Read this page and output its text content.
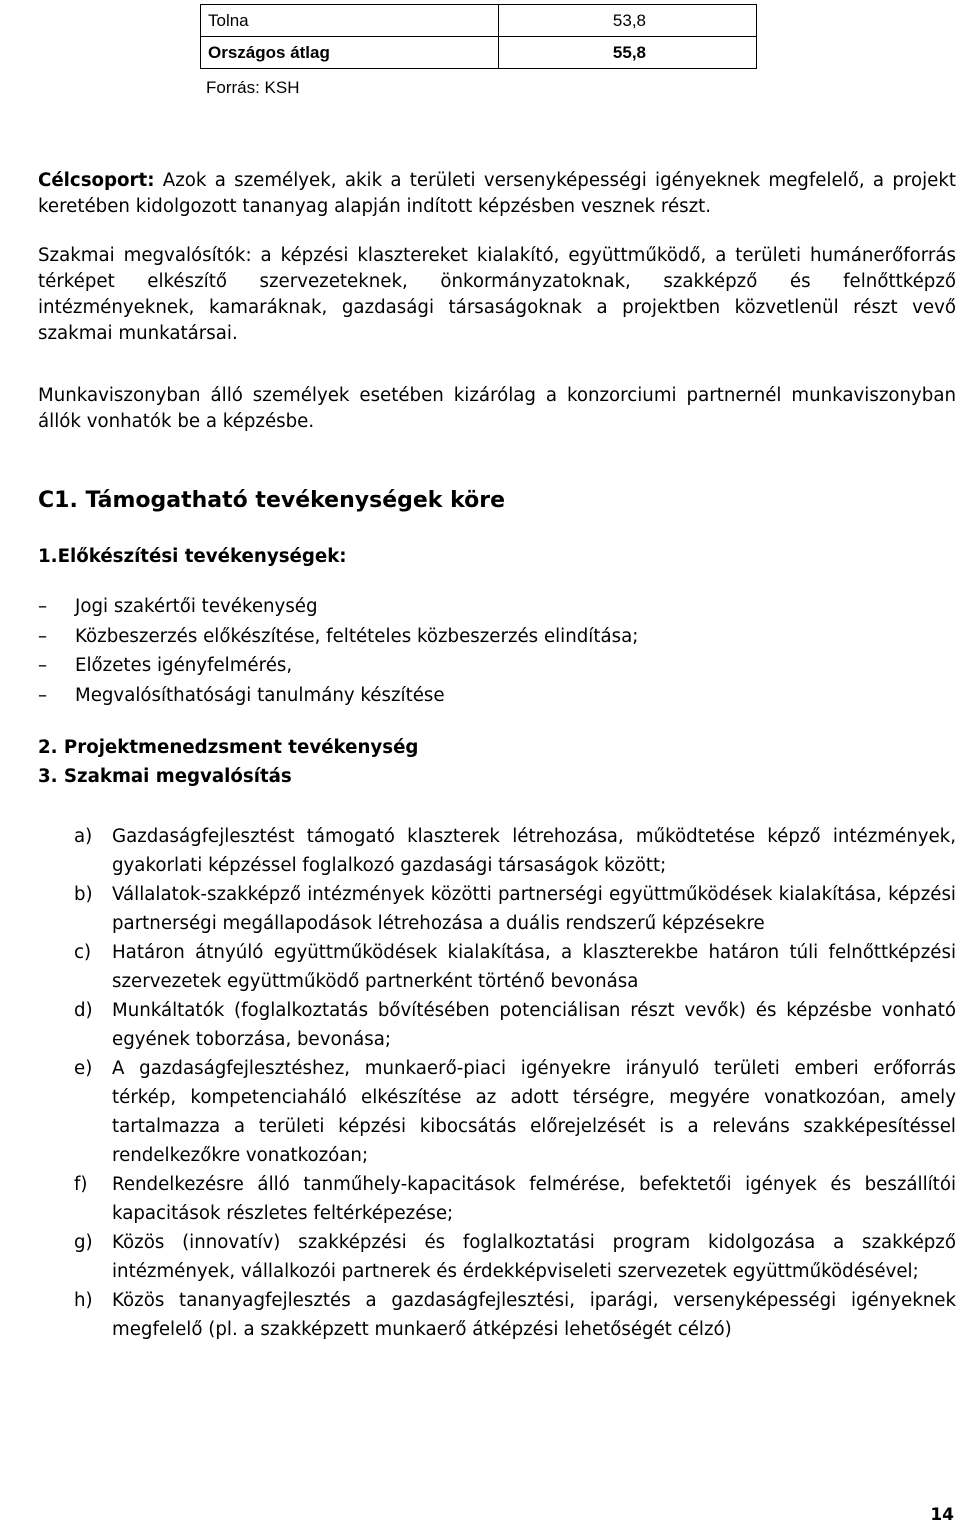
Tolna	53,8
Országos átlag	55,8
Forrás: KSH

Célcsoport: Azok a személyek, akik a területi versenyképességi igényeknek megfelelő, a projekt keretében kidolgozott tananyag alapján indított képzésben vesznek részt.

Szakmai megvalósítók: a képzési klasztereket kialakító, együttműködő, a területi humánerőforrás térképet elkészítő szervezeteknek, önkormányzatoknak, szakképző és felnőttképző intézményeknek, kamaráknak, gazdasági társaságoknak a projektben közvetlenül részt vevő szakmai munkatársai.

Munkaviszonyban álló személyek esetében kizárólag a konzorciumi partnernél munkaviszonyban állók vonhatók be a képzésbe.

C1. Támogatható tevékenységek köre
1.Előkészítési tevékenységek:
– Jogi szakértői tevékenység
– Közbeszerzés előkészítése, feltételes közbeszerzés elindítása;
– Előzetes igényfelmérés,
– Megvalósíthatósági tanulmány készítése
2. Projektmenedzsment tevékenység
3. Szakmai megvalósítás
a) Gazdaságfejlesztést támogató klaszterek létrehozása, működtetése képző intézmények, gyakorlati képzéssel foglalkozó gazdasági társaságok között;
b) Vállalatok-szakképző intézmények közötti partnerségi együttműködések kialakítása, képzési partnerségi megállapodások létrehozása a duális rendszerű képzésekre
c) Határon átnyúló együttműködések kialakítása, a klaszterekbe határon túli felnőttképzési szervezetek együttműködő partnerként történő bevonása
d) Munkáltatók (foglalkoztatás bővítésében potenciálisan részt vevők) és képzésbe vonható egyének toborzása, bevonása;
e) A gazdaságfejlesztéshez, munkaerő-piaci igényekre irányuló területi emberi erőforrás térkép, kompetenciaháló elkészítése az adott térségre, megyére vonatkozóan, amely tartalmazza a területi képzési kibocsátás előrejelzését is a releváns szakképesítéssel rendelkezőkre vonatkozóan;
f) Rendelkezésre álló tanműhely-kapacitások felmérése, befektetői igények és beszállítói kapacitások részletes feltérképezése;
g) Közös (innovatív) szakképzési és foglalkoztatási program kidolgozása a szakképző intézmények, vállalkozói partnerek és érdekképviseleti szervezetek együttműködésével;
h) Közös tananyagfejlesztés a gazdaságfejlesztési, iparági, versenyképességi igényeknek megfelelő (pl. a szakképzett munkaerő átképzési lehetőségét célzó)
14
